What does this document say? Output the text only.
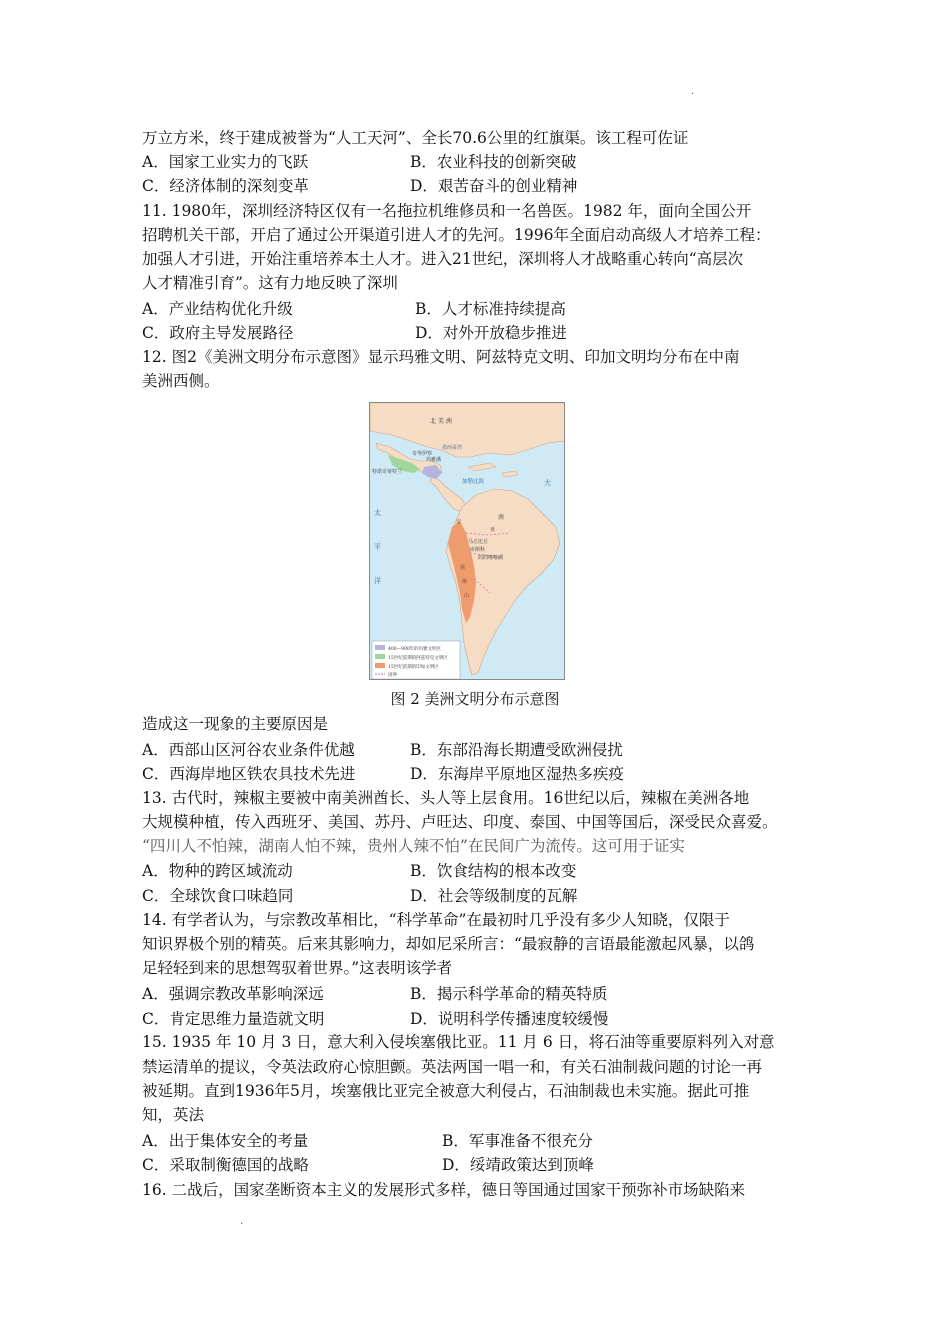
.
万立方米，终于建成被誉为“人工天河”、全长70.6公里的红旗渠。该工程可佐证
A．国家工业实力的飞跃	B．农业科技的创新突破
C．经济体制的深刻变革	D．艰苦奋斗的创业精神
11. 1980年，深圳经济特区仅有一名拖拉机维修员和一名兽医。1982 年，面向全国公开
招聘机关干部，开启了通过公开渠道引进人才的先河。1996年全面启动高级人才培养工程：
加强人才引进，开始注重培养本土人才。进入21世纪，深圳将人才战略重心转向“高层次
人才精准引育”。这有力地反映了深圳
A．产业结构优化升级	B．人才标准持续提高
C．政府主导发展路径	D．对外开放稳步推进
12. 图2《美洲文明分布示意图》显示玛雅文明、阿兹特克文明、印加文明均分布在中南
美洲西侧。
北 美 洲
墨西哥湾
奇琴伊察
玛雅潘
特诺奇蒂特兰
加勒比海
南
太
平
洋
大
马丘比丘
库斯科
的的喀喀湖
安
第
斯
山
亚
400—900年的玛雅文明区
15世纪前期的阿兹特克文明区
15世纪前期的印加文明区
国界
图 2 美洲文明分布示意图
造成这一现象的主要原因是
A．西部山区河谷农业条件优越	B．东部沿海长期遭受欧洲侵扰
C．西海岸地区铁农具技术先进	D．东海岸平原地区湿热多疾疫
13. 古代时，辣椒主要被中南美洲酋长、头人等上层食用。16世纪以后，辣椒在美洲各地
大规模种植，传入西班牙、美国、苏丹、卢旺达、印度、泰国、中国等国后，深受民众喜爱。
“四川人不怕辣，湖南人怕不辣，贵州人辣不怕”在民间广为流传。这可用于证实
A．物种的跨区域流动	B．饮食结构的根本改变
C．全球饮食口味趋同	D．社会等级制度的瓦解
14. 有学者认为，与宗教改革相比，“科学革命”在最初时几乎没有多少人知晓，仅限于
知识界极个别的精英。后来其影响力，却如尼采所言：“最寂静的言语最能激起风暴，以鸽
足轻轻到来的思想驾驭着世界。”这表明该学者
A．强调宗教改革影响深远	B．揭示科学革命的精英特质
C．肯定思维力量造就文明	D．说明科学传播速度较缓慢
15. 1935 年 10 月 3 日，意大利入侵埃塞俄比亚。11 月 6 日，将石油等重要原料列入对意
禁运清单的提议，令英法政府心惊胆颤。英法两国一唱一和，有关石油制裁问题的讨论一再
被延期。直到1936年5月，埃塞俄比亚完全被意大利侵占，石油制裁也未实施。据此可推
知，英法
A．出于集体安全的考量	B．军事准备不很充分
C．采取制衡德国的战略	D．绥靖政策达到顶峰
16. 二战后，国家垄断资本主义的发展形式多样，德日等国通过国家干预弥补市场缺陷来
.
